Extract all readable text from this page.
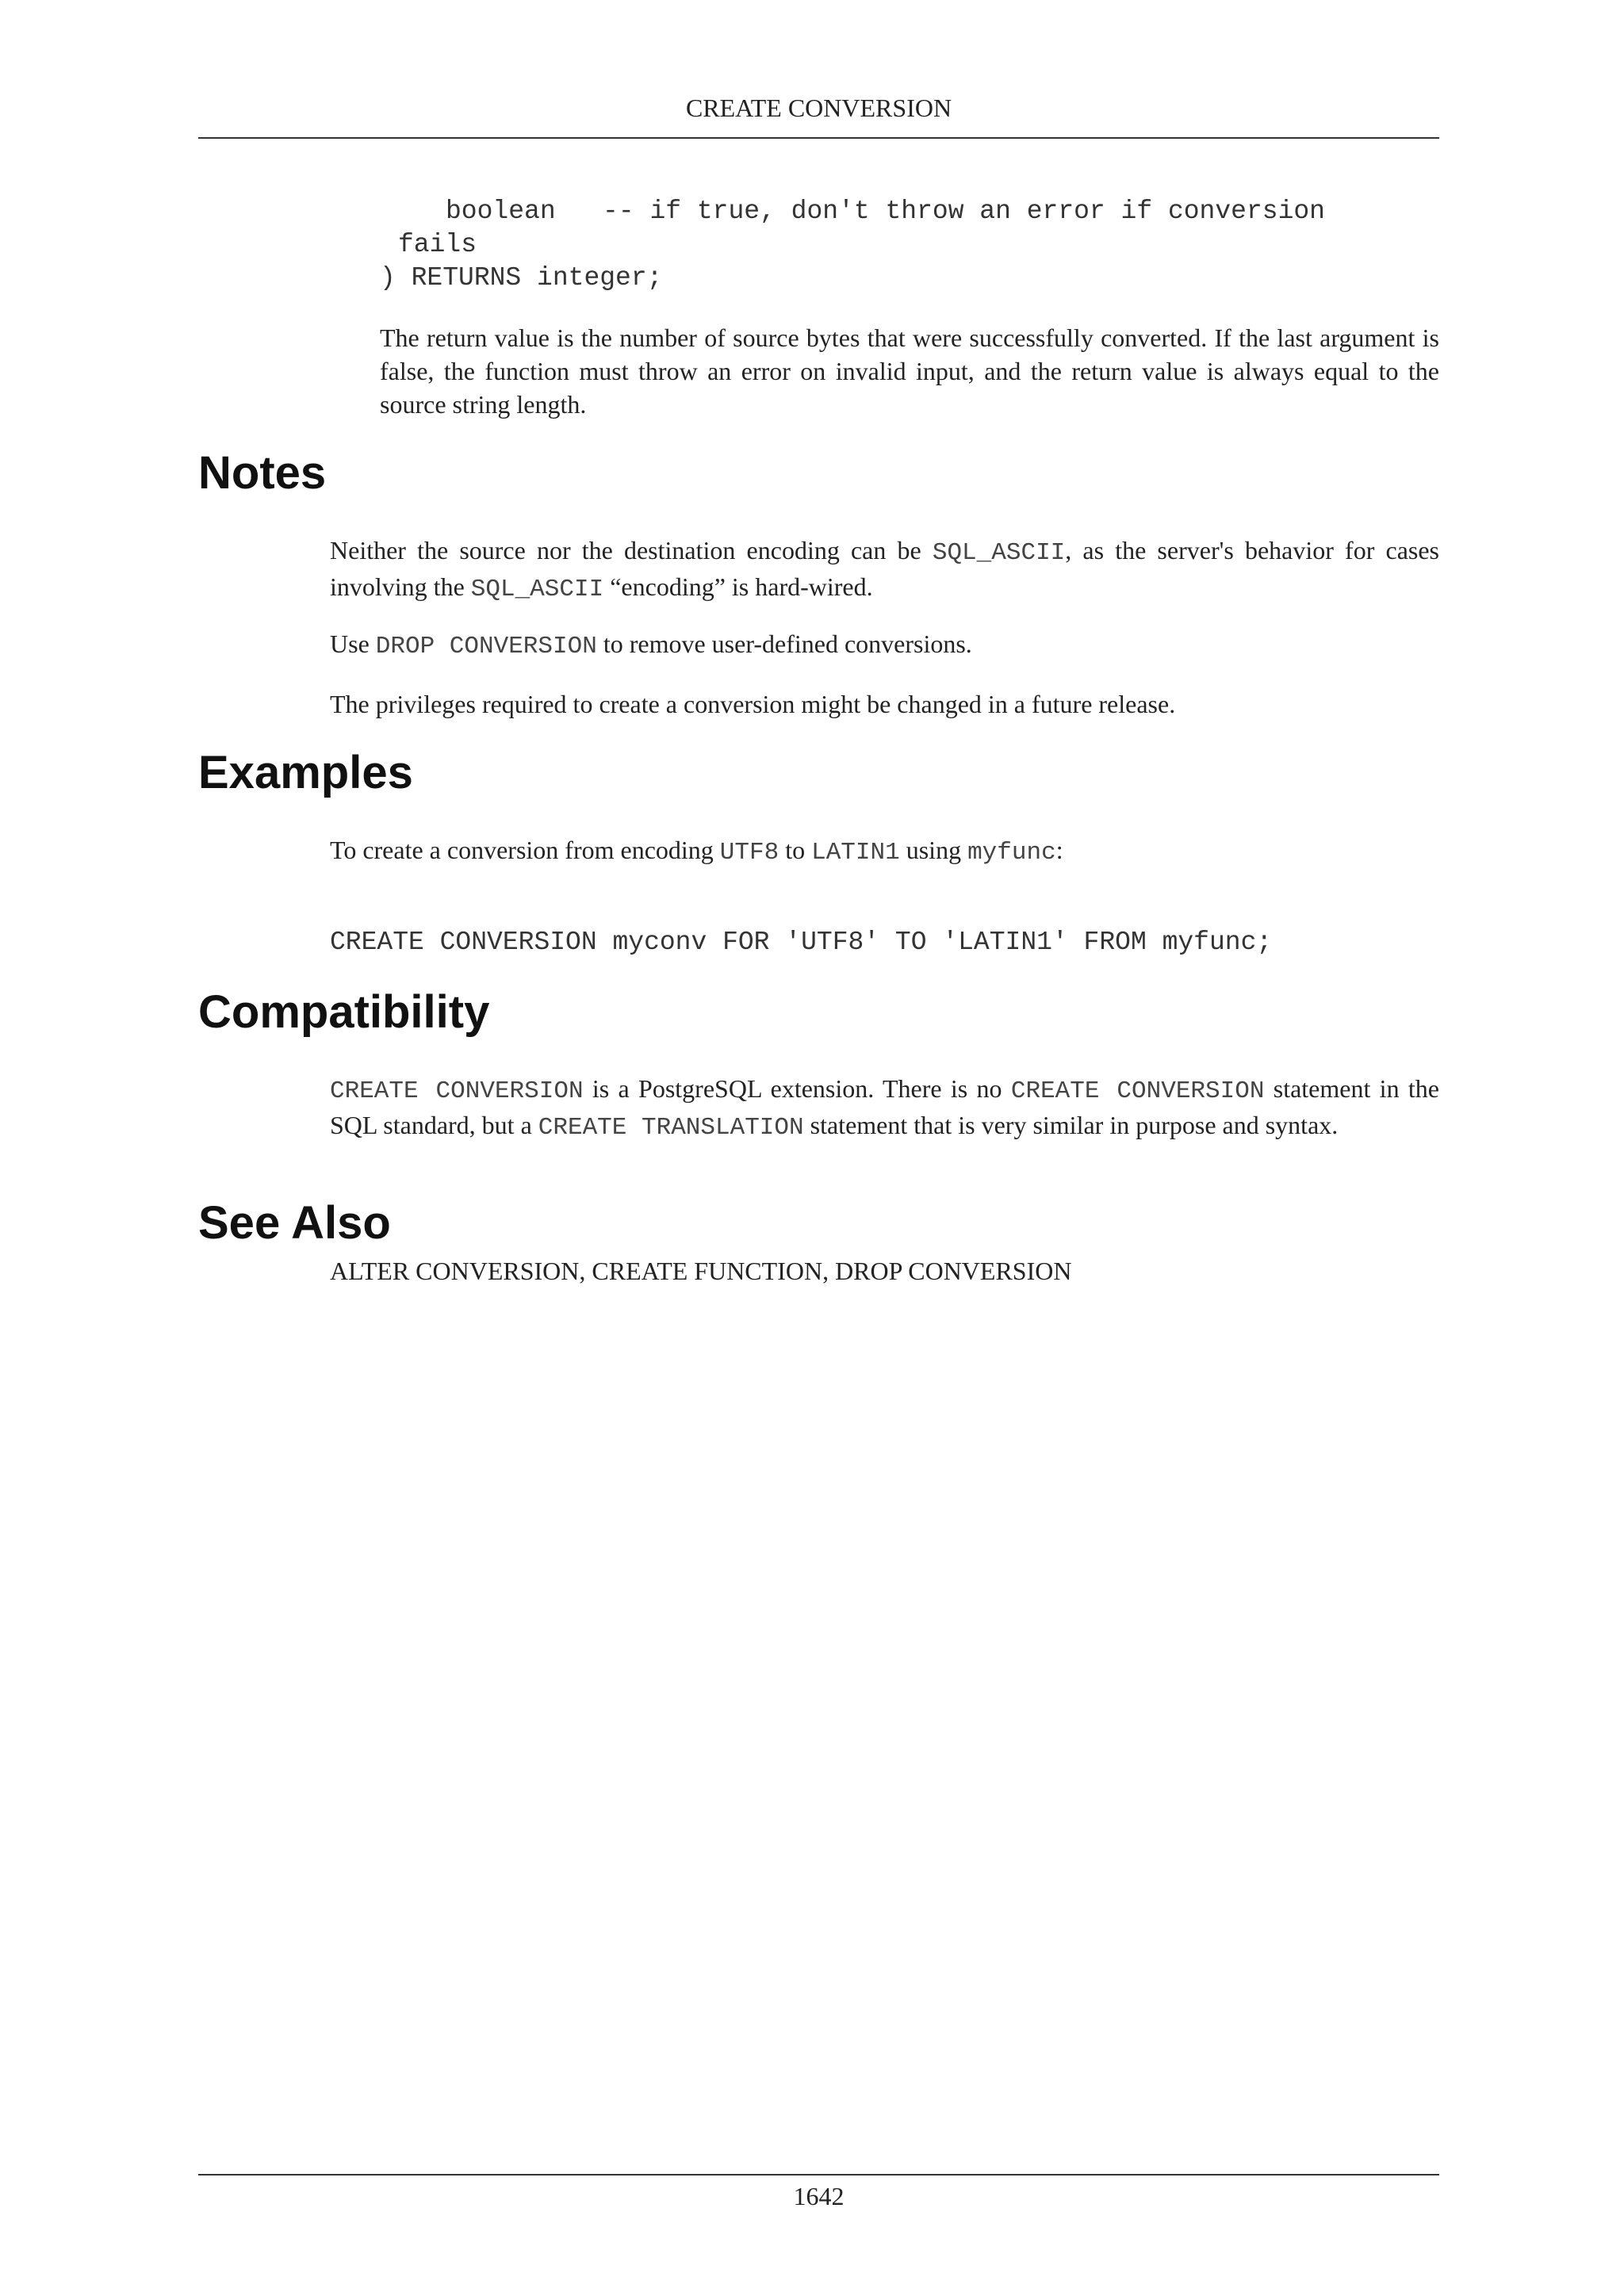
CREATE CONVERSION
boolean   -- if true, don't throw an error if conversion
fails
) RETURNS integer;

The return value is the number of source bytes that were successfully converted. If the last argument is false, the function must throw an error on invalid input, and the return value is always equal to the source string length.

Notes

Neither the source nor the destination encoding can be SQL_ASCII, as the server's behavior for cases involving the SQL_ASCII “encoding” is hard-wired.

Use DROP CONVERSION to remove user-defined conversions.

The privileges required to create a conversion might be changed in a future release.

Examples

To create a conversion from encoding UTF8 to LATIN1 using myfunc:

CREATE CONVERSION myconv FOR 'UTF8' TO 'LATIN1' FROM myfunc;
Compatibility

CREATE CONVERSION is a PostgreSQL extension. There is no CREATE CONVERSION statement in the SQL standard, but a CREATE TRANSLATION statement that is very similar in purpose and syntax.

See Also

ALTER CONVERSION, CREATE FUNCTION, DROP CONVERSION

1642
